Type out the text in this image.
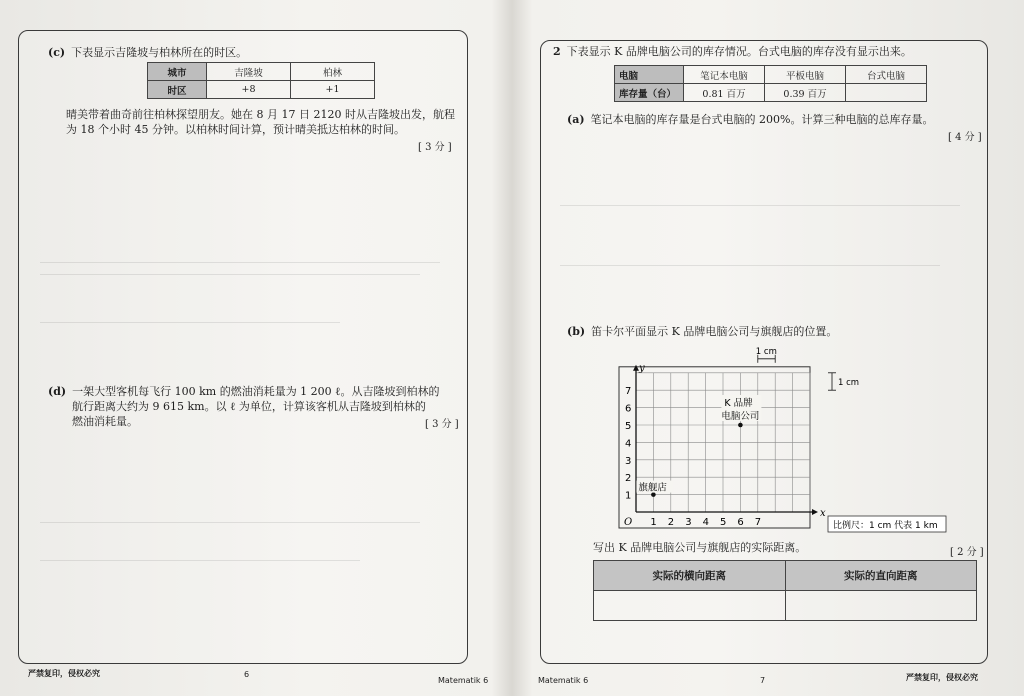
(c) 下表显示吉隆坡与柏林所在的时区。
城市	吉隆坡	柏林
时区	+8	+1
晴美带着曲奇前往柏林探望朋友。她在 8 月 17 日 2120 时从吉隆坡出发，航程
为 18 个小时 45 分钟。以柏林时间计算，预计晴美抵达柏林的时间。
[ 3 分 ]
(d) 一架大型客机每飞行 100 km 的燃油消耗量为 1 200 ℓ。从吉隆坡到柏林的
航行距离大约为 9 615 km。以 ℓ 为单位，计算该客机从吉隆坡到柏林的
燃油消耗量。	[ 3 分 ]
严禁复印，侵权必究	6
Matematik 6
2 下表显示 K 品牌电脑公司的库存情况。台式电脑的库存没有显示出来。
电脑	笔记本电脑	平板电脑	台式电脑
库存量（台）	0.81 百万	0.39 百万	
(a) 笔记本电脑的库存量是台式电脑的 200%。计算三种电脑的总库存量。
[ 4 分 ]
(b) 笛卡尔平面显示 K 品牌电脑公司与旗舰店的位置。
x
y
O 1 2 3 4 5 6 7
1
2
3
4
5
6
7
K 品牌
电脑公司
旗舰店
1 cm
1 cm
比例尺：1 cm 代表 1 km
写出 K 品牌电脑公司与旗舰店的实际距离。	[ 2 分 ]
实际的横向距离	实际的直向距离

Matematik 6	7	严禁复印，侵权必究
